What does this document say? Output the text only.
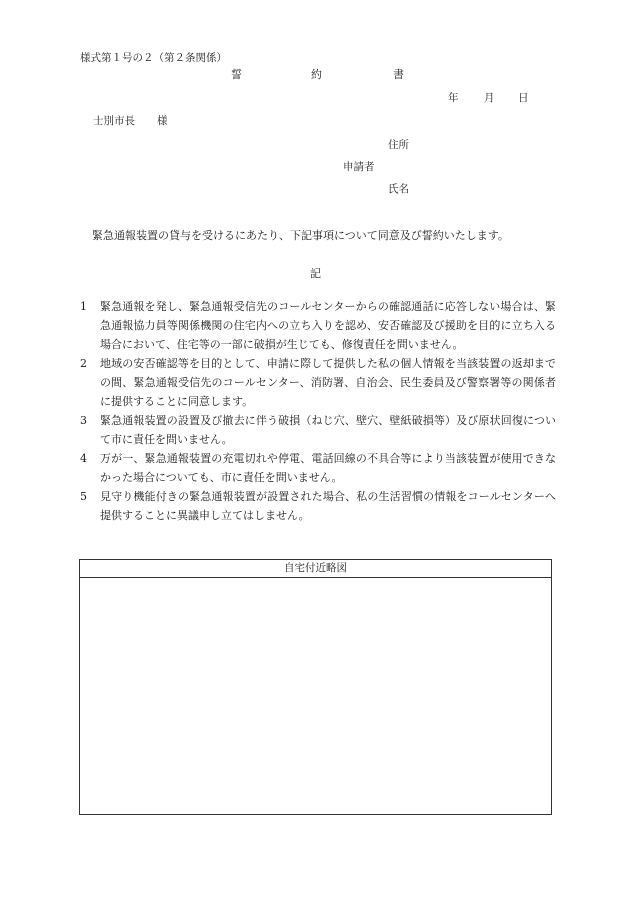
様式第１号の２（第２条関係）
誓	約	書
年 月 日
士別市長 様
住所
申請者
氏名
緊急通報装置の貸与を受けるにあたり、下記事項について同意及び誓約いたします。
記
1	緊急通報を発し、緊急通報受信先のコールセンターからの確認通話に応答しない場合は、緊急通報協力員等関係機関の住宅内への立ち入りを認め、安否確認及び援助を目的に立ち入る場合において、住宅等の一部に破損が生じても、修復責任を問いません。
2	地域の安否確認等を目的として、申請に際して提供した私の個人情報を当該装置の返却までの間、緊急通報受信先のコールセンター、消防署、自治会、民生委員及び警察署等の関係者に提供することに同意します。
3	緊急通報装置の設置及び撤去に伴う破損（ねじ穴、壁穴、壁紙破損等）及び原状回復について市に責任を問いません。
4	万が一、緊急通報装置の充電切れや停電、電話回線の不具合等により当該装置が使用できなかった場合についても、市に責任を問いません。
5	見守り機能付きの緊急通報装置が設置された場合、私の生活習慣の情報をコールセンターへ提供することに異議申し立てはしません。
自宅付近略図
